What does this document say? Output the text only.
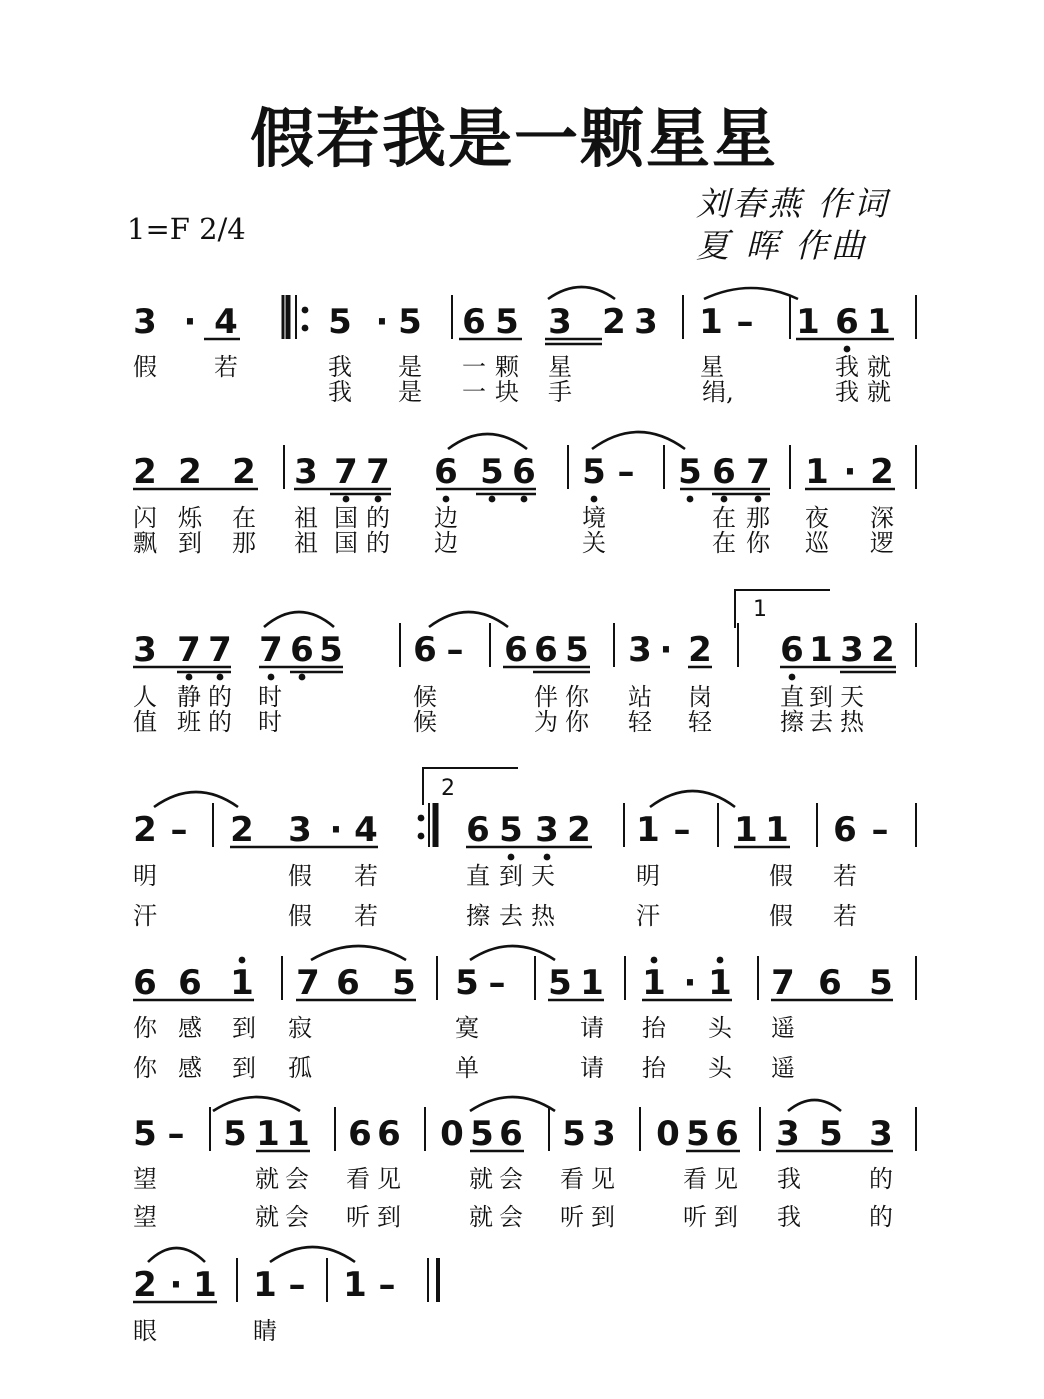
假若我是一颗星星
1=F 2/4
刘春燕 作词
夏 晖 作曲
3 · 4	5 · 5 6 5 3 2 3 1 – 1 6 1
假 若	我 是 一 颗 星	星	我 就
我 是 一 块 手	绢,	我 就
2 2 2 3 7 7 6 5 6 5 – 5 6 7 1 · 2
闪 烁 在 祖 国 的 边	境	在 那 夜 深
飘 到 那 祖 国 的 边	关	在 你 巡 逻
3 7 7 7 6 5 6 – 6 6 5 3 · 2 6 1 3 2
人 静 的 时	候	伴 你 站 岗	直 到 天
值 班 的 时	候	为 你 轻 轻	擦 去 热
2 – 2 3 · 4	6 5 3 2 1 – 1 1 6 –
明	假 若	直 到 天	明	假 若
汗	假 若	擦 去 热	汗	假 若
6 6 1 7 6 5 5 – 5 1 1 · 1 7 6 5
你 感 到 寂	寞	请 抬 头 遥
你 感 到 孤	单	请 抬 头 遥
5 – 5 1 1 6 6 0 5 6 5 3 0 5 6 3 5 3
望	就 会 看 见	就 会 看 见	看 见 我	的
望	就 会 听 到	就 会 听 到	听 到 我	的
2 · 1 1 – 1 –
眼	睛
1
2
